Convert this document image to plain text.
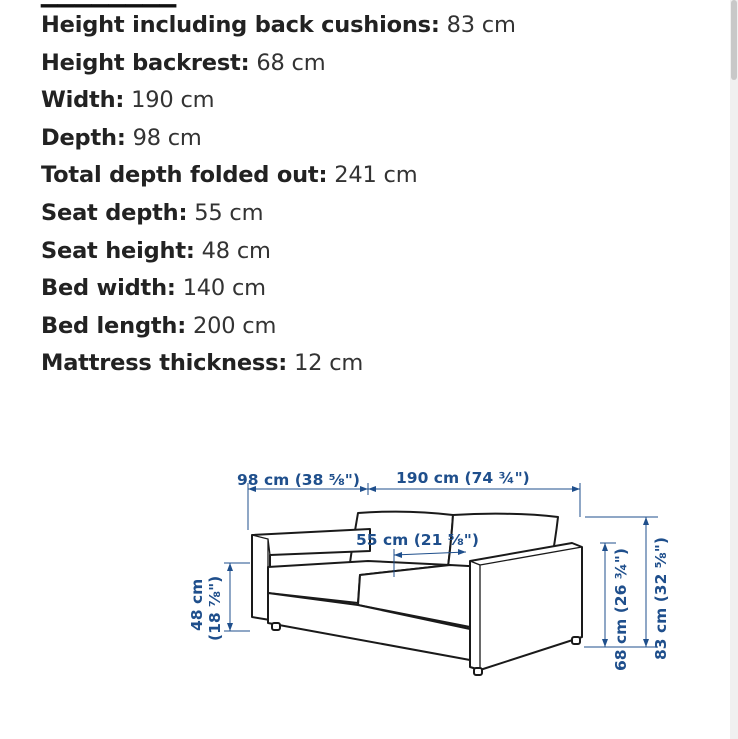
Height including back cushions: 83 cm
Height backrest: 68 cm
Width: 190 cm
Depth: 98 cm
Total depth folded out: 241 cm
Seat depth: 55 cm
Seat height: 48 cm
Bed width: 140 cm
Bed length: 200 cm
Mattress thickness: 12 cm
98 cm (38 ⅝") 190 cm (74 ¾")
55 cm (21 ⅝")
48 cm (18 ⅞")	68 cm (26 ¾") 83 cm (32 ⅝")
